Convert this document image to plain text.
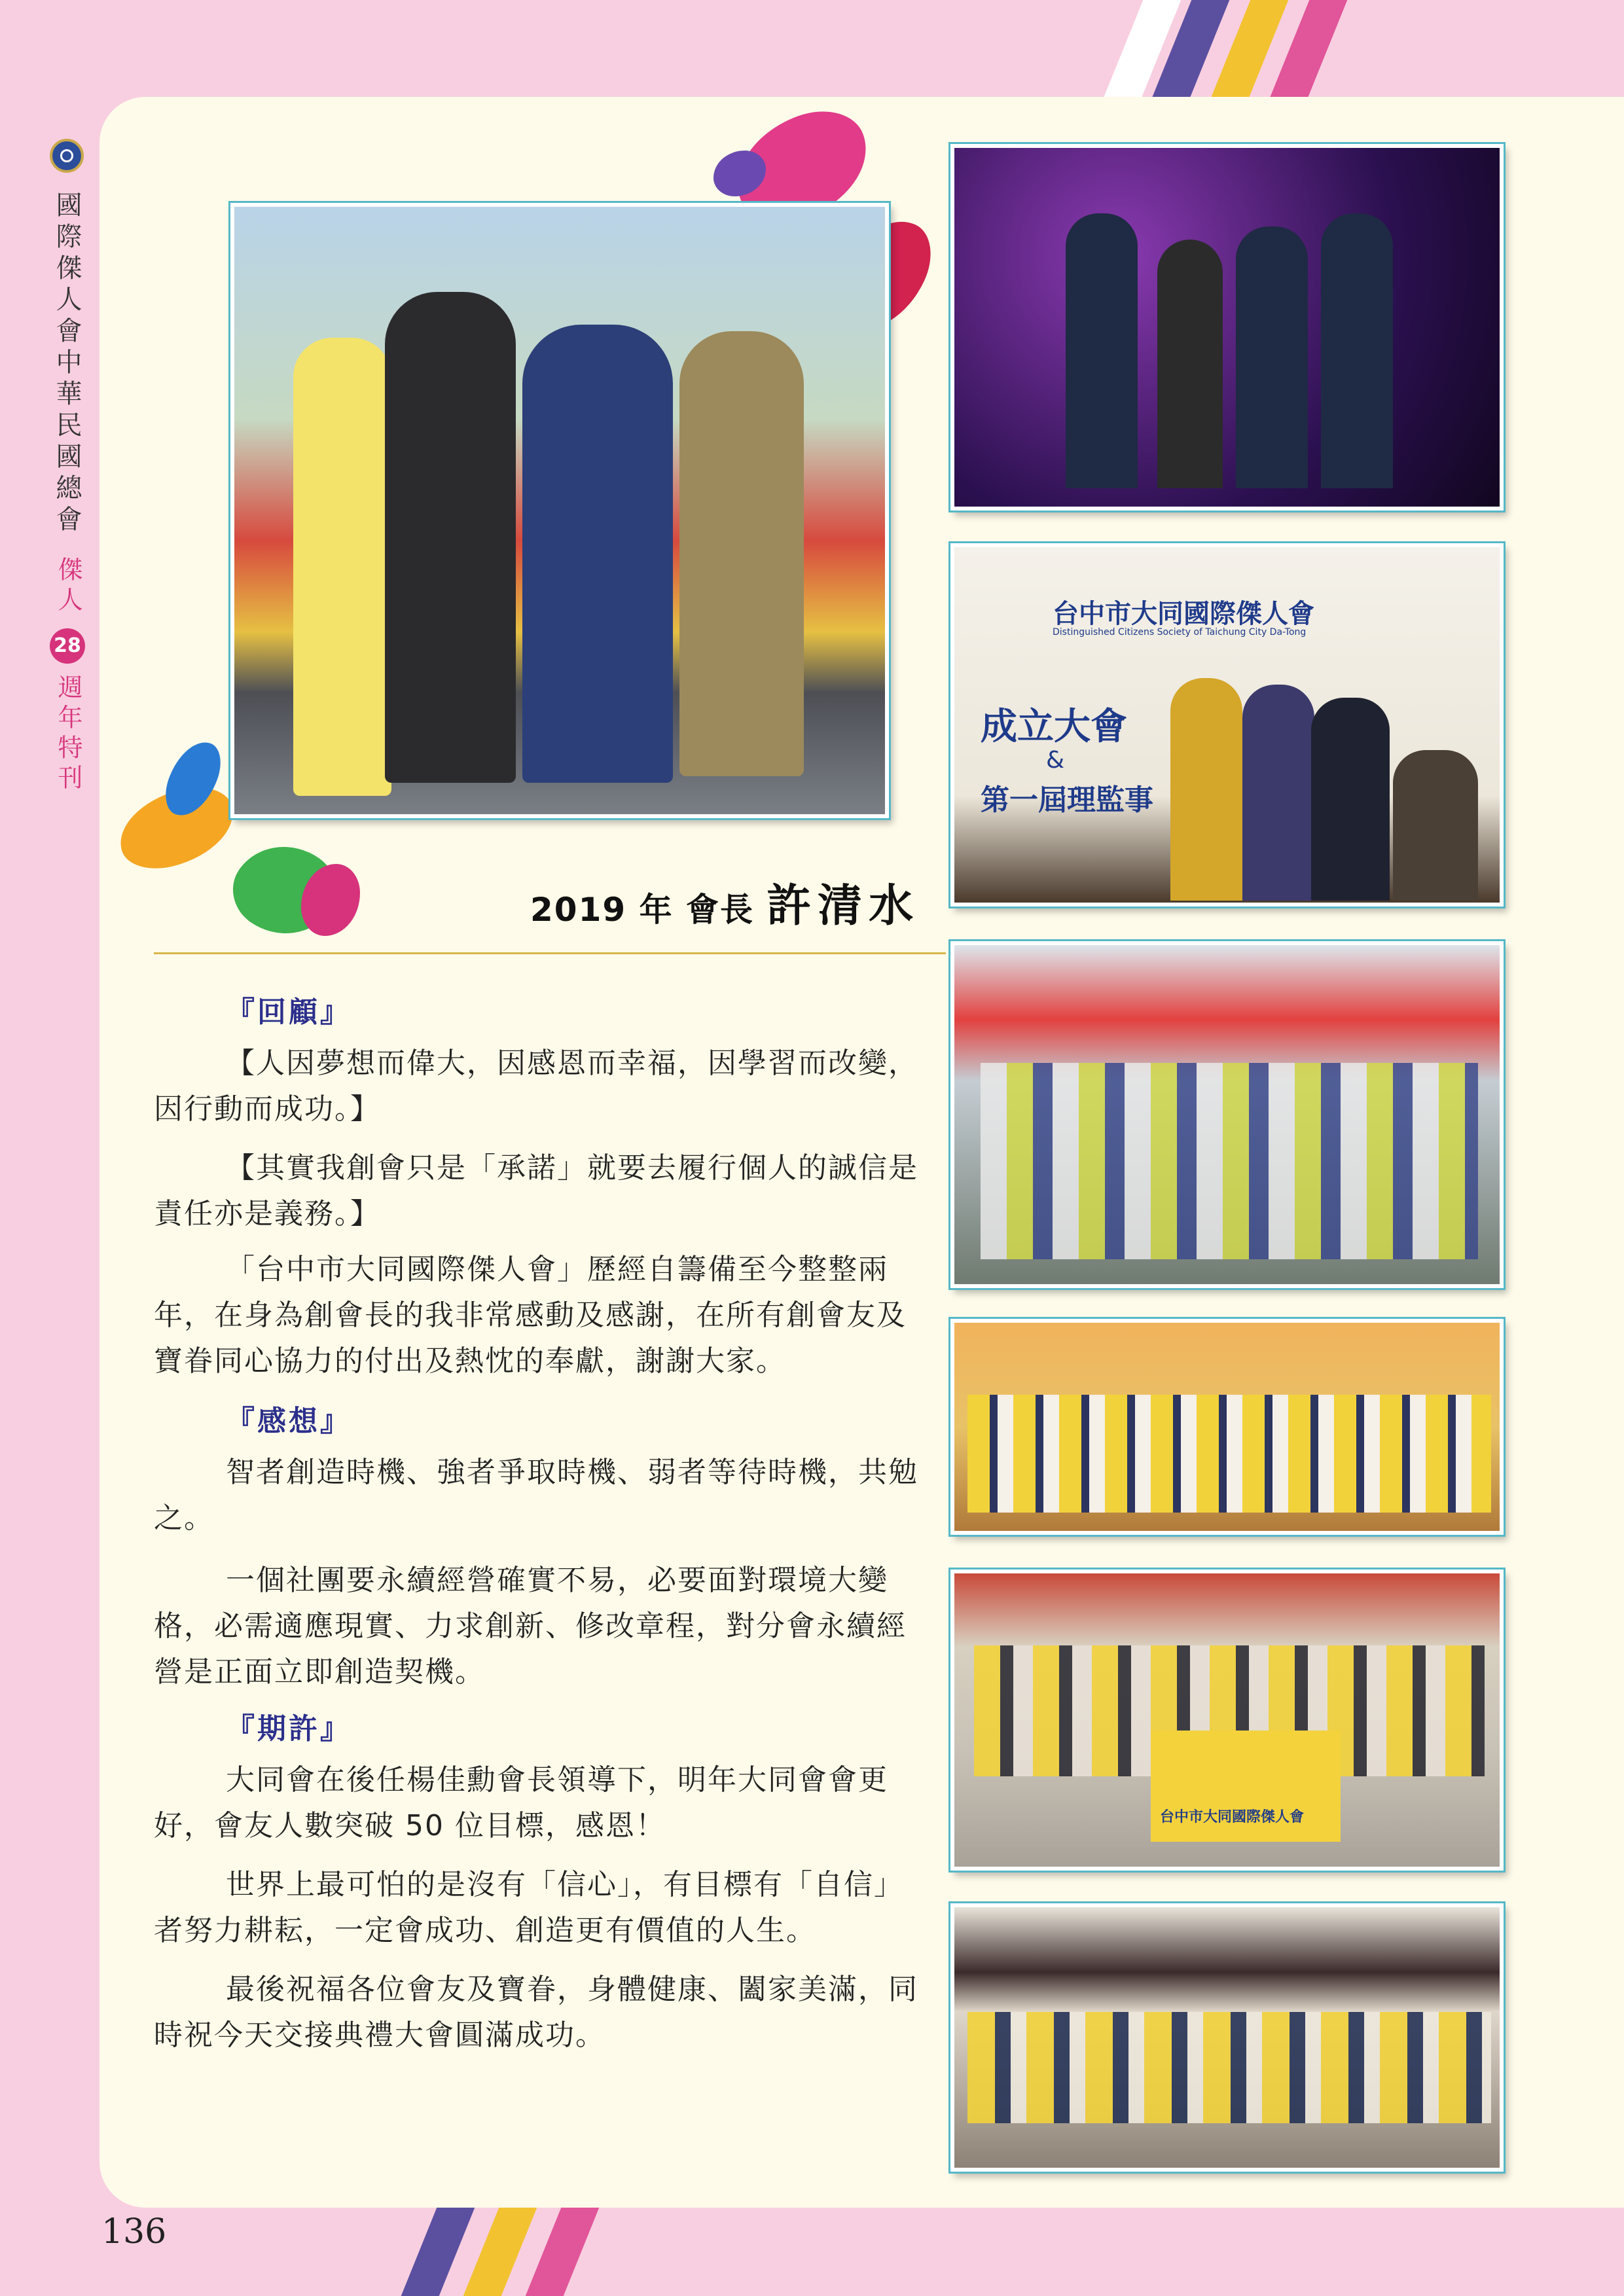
國際傑人會中華民國總會
傑人
28
週年特刊
台中市大同國際傑人會
Distinguished Citizens Society of Taichung City Da-Tong
成立大會
&
第一屆理監事
台中市大同國際傑人會
2019 年 會長 許清水
『回顧』

【人因夢想而偉大，因感恩而幸福，因學習而改變，因行動而成功。】

【其實我創會只是「承諾」就要去履行個人的誠信是責任亦是義務。】

「台中市大同國際傑人會」歷經自籌備至今整整兩年，在身為創會長的我非常感動及感謝，在所有創會友及寶眷同心協力的付出及熱忱的奉獻，謝謝大家。

『感想』

智者創造時機、強者爭取時機、弱者等待時機，共勉之。

一個社團要永續經營確實不易，必要面對環境大變格，必需適應現實、力求創新、修改章程，對分會永續經營是正面立即創造契機。

『期許』

大同會在後任楊佳勳會長領導下，明年大同會會更好，會友人數突破 50 位目標，感恩！

世界上最可怕的是沒有「信心」，有目標有「自信」者努力耕耘，一定會成功、創造更有價值的人生。

最後祝福各位會友及寶眷，身體健康、闔家美滿，同時祝今天交接典禮大會圓滿成功。

136
